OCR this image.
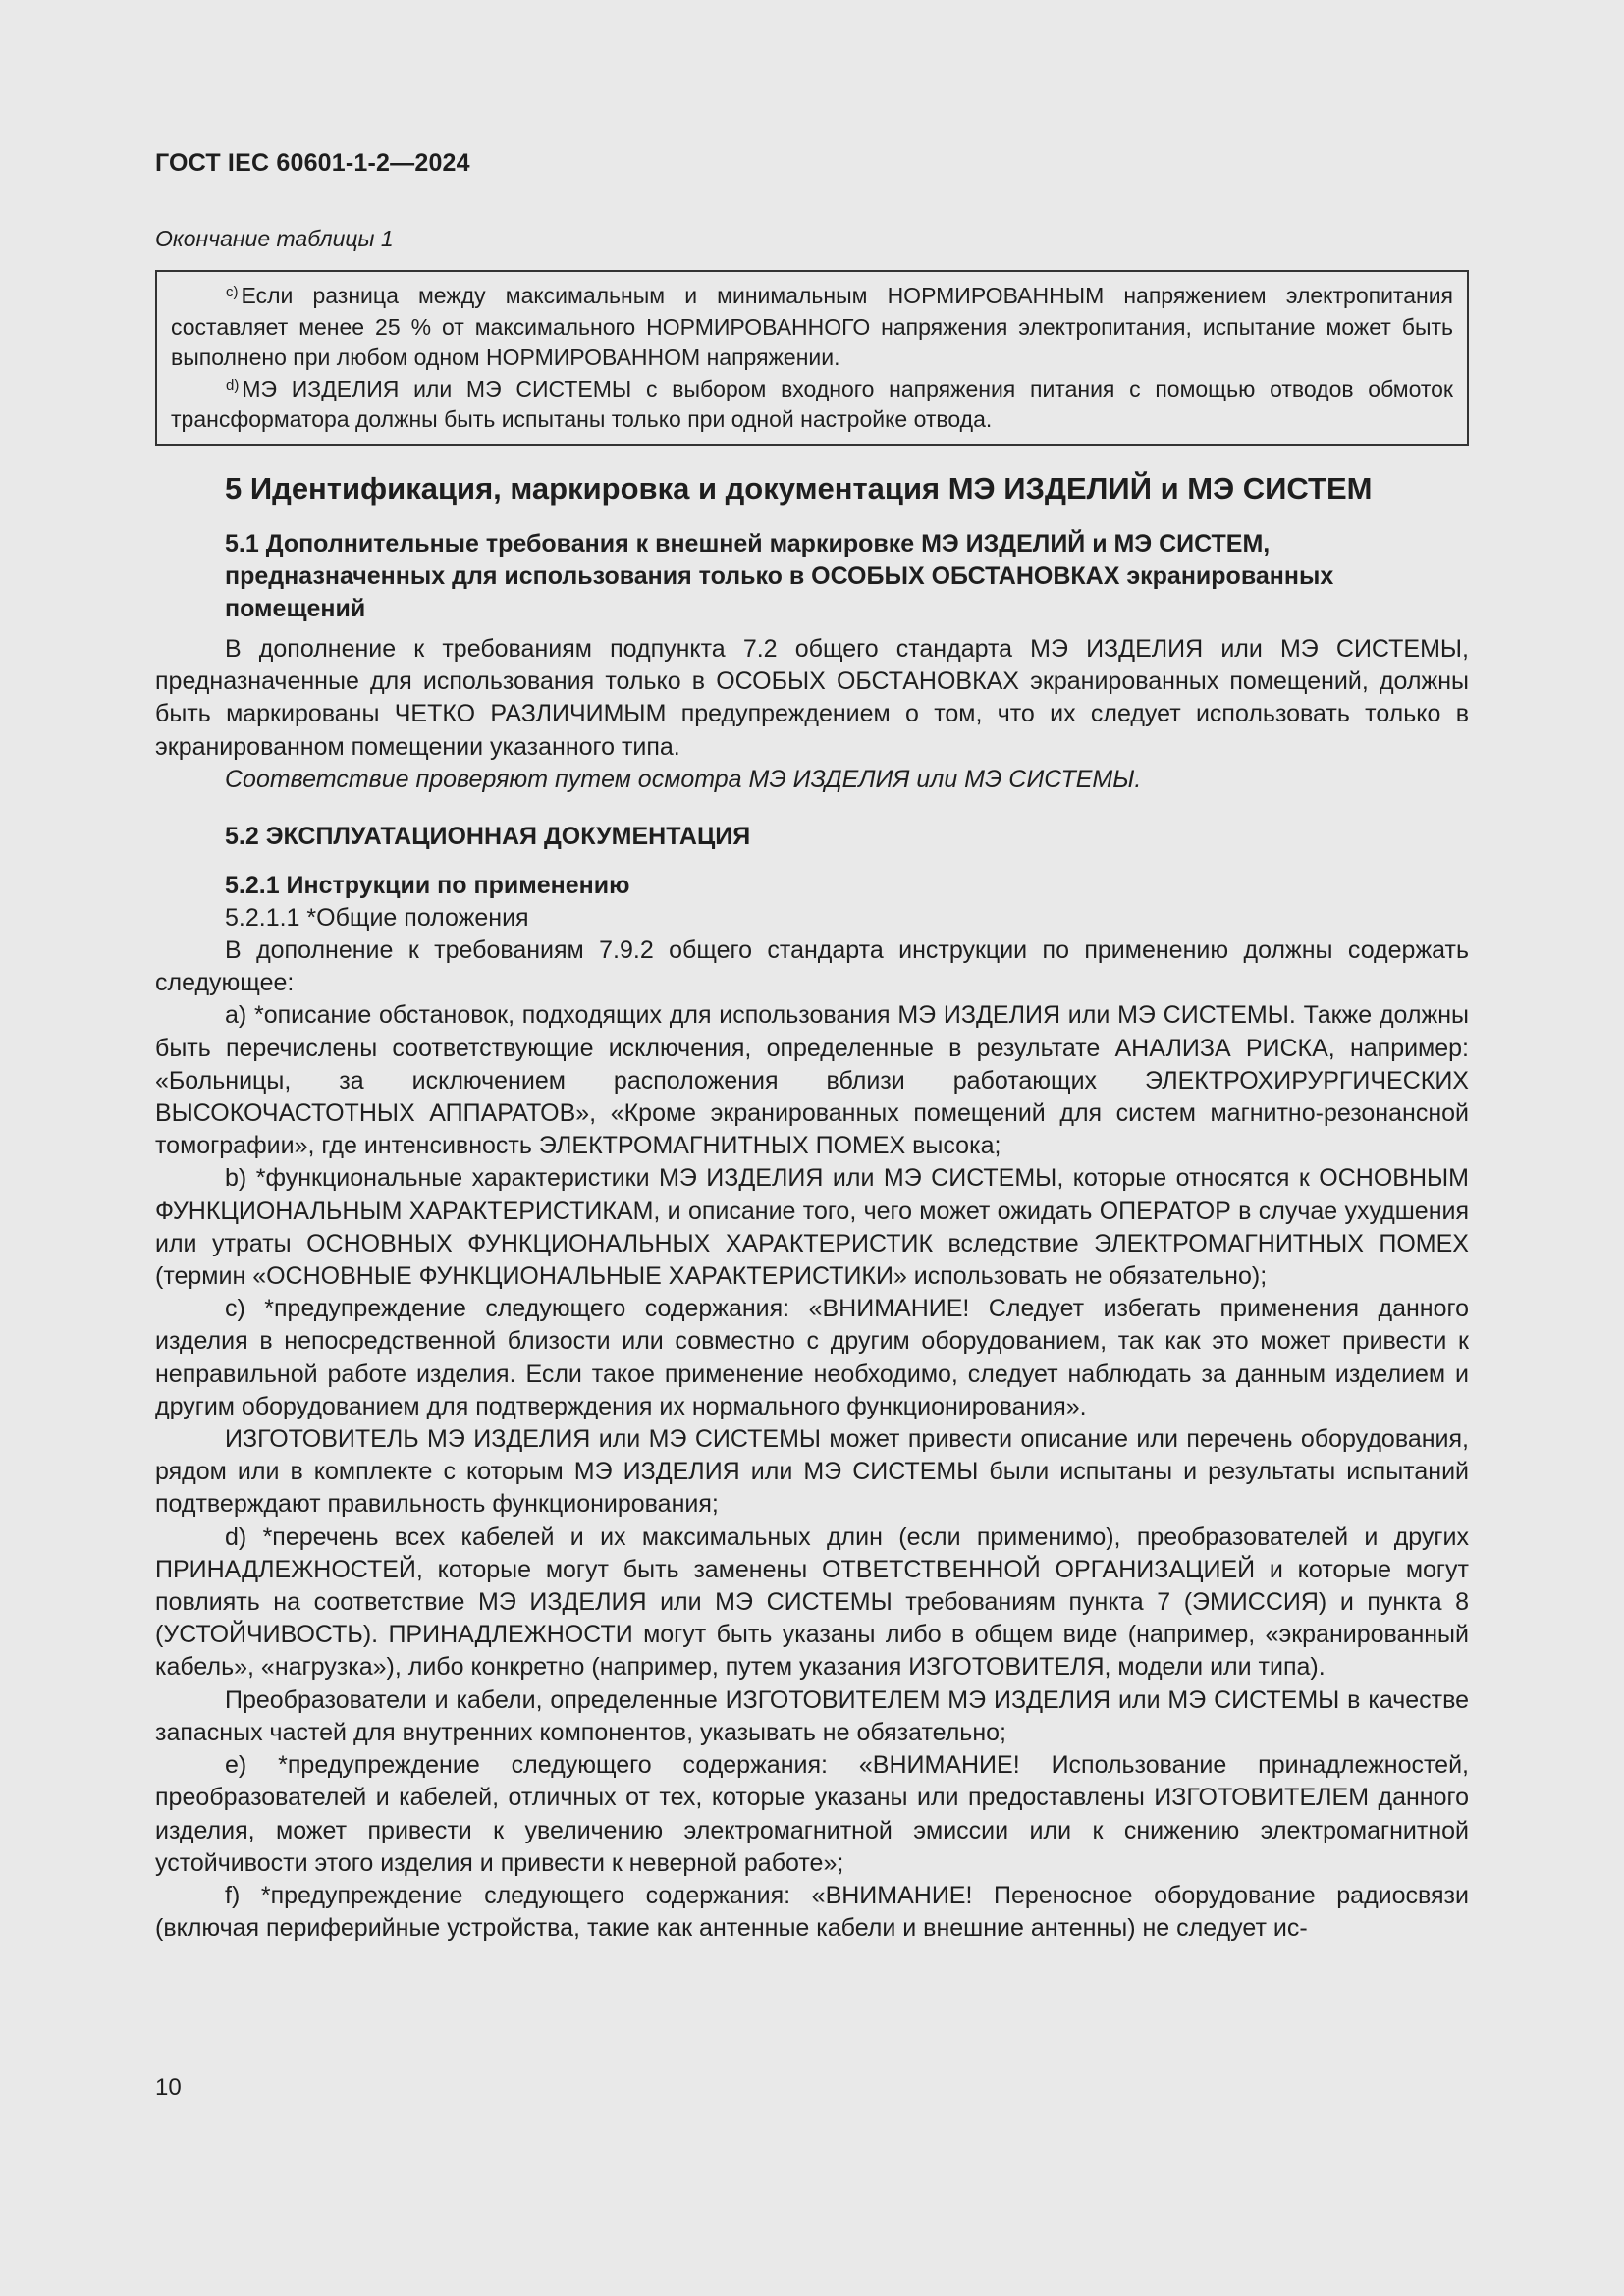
ГОСТ IEC 60601-1-2—2024
Окончание таблицы 1

$^{c)}$ Если разница между максимальным и минимальным НОРМИРОВАННЫМ напряжением электропитания составляет менее 25 % от максимального НОРМИРОВАННОГО напряжения электропитания, испытание может быть выполнено при любом одном НОРМИРОВАННОМ напряжении.

$^{d)}$ МЭ ИЗДЕЛИЯ или МЭ СИСТЕМЫ с выбором входного напряжения питания с помощью отводов обмоток трансформатора должны быть испытаны только при одной настройке отвода.

5 Идентификация, маркировка и документация МЭ ИЗДЕЛИЙ и МЭ СИСТЕМ
5.1 Дополнительные требования к внешней маркировке МЭ ИЗДЕЛИЙ и МЭ СИСТЕМ, предназначенных для использования только в ОСОБЫХ ОБСТАНОВКАХ экранированных помещений

В дополнение к требованиям подпункта 7.2 общего стандарта МЭ ИЗДЕЛИЯ или МЭ СИСТЕМЫ, предназначенные для использования только в ОСОБЫХ ОБСТАНОВКАХ экранированных помещений, должны быть маркированы ЧЕТКО РАЗЛИЧИМЫМ предупреждением о том, что их следует использовать только в экранированном помещении указанного типа.

Соответствие проверяют путем осмотра МЭ ИЗДЕЛИЯ или МЭ СИСТЕМЫ.

5.2 ЭКСПЛУАТАЦИОННАЯ ДОКУМЕНТАЦИЯ
5.2.1 Инструкции по применению
5.2.1.1 *Общие положения

В дополнение к требованиям 7.9.2 общего стандарта инструкции по применению должны содержать следующее:

a) *описание обстановок, подходящих для использования МЭ ИЗДЕЛИЯ или МЭ СИСТЕМЫ. Также должны быть перечислены соответствующие исключения, определенные в результате АНАЛИЗА РИСКА, например: «Больницы, за исключением расположения вблизи работающих ЭЛЕКТРОХИРУРГИЧЕСКИХ ВЫСОКОЧАСТОТНЫХ АППАРАТОВ», «Кроме экранированных помещений для систем магнитно-резонансной томографии», где интенсивность ЭЛЕКТРОМАГНИТНЫХ ПОМЕХ высока;

b) *функциональные характеристики МЭ ИЗДЕЛИЯ или МЭ СИСТЕМЫ, которые относятся к ОСНОВНЫМ ФУНКЦИОНАЛЬНЫМ ХАРАКТЕРИСТИКАМ, и описание того, чего может ожидать ОПЕРАТОР в случае ухудшения или утраты ОСНОВНЫХ ФУНКЦИОНАЛЬНЫХ ХАРАКТЕРИСТИК вследствие ЭЛЕКТРОМАГНИТНЫХ ПОМЕХ (термин «ОСНОВНЫЕ ФУНКЦИОНАЛЬНЫЕ ХАРАКТЕРИСТИКИ» использовать не обязательно);

c) *предупреждение следующего содержания: «ВНИМАНИЕ! Следует избегать применения данного изделия в непосредственной близости или совместно с другим оборудованием, так как это может привести к неправильной работе изделия. Если такое применение необходимо, следует наблюдать за данным изделием и другим оборудованием для подтверждения их нормального функционирования».

ИЗГОТОВИТЕЛЬ МЭ ИЗДЕЛИЯ или МЭ СИСТЕМЫ может привести описание или перечень оборудования, рядом или в комплекте с которым МЭ ИЗДЕЛИЯ или МЭ СИСТЕМЫ были испытаны и результаты испытаний подтверждают правильность функционирования;

d) *перечень всех кабелей и их максимальных длин (если применимо), преобразователей и других ПРИНАДЛЕЖНОСТЕЙ, которые могут быть заменены ОТВЕТСТВЕННОЙ ОРГАНИЗАЦИЕЙ и которые могут повлиять на соответствие МЭ ИЗДЕЛИЯ или МЭ СИСТЕМЫ требованиям пункта 7 (ЭМИССИЯ) и пункта 8 (УСТОЙЧИВОСТЬ). ПРИНАДЛЕЖНОСТИ могут быть указаны либо в общем виде (например, «экранированный кабель», «нагрузка»), либо конкретно (например, путем указания ИЗГОТОВИТЕЛЯ, модели или типа).

Преобразователи и кабели, определенные ИЗГОТОВИТЕЛЕМ МЭ ИЗДЕЛИЯ или МЭ СИСТЕМЫ в качестве запасных частей для внутренних компонентов, указывать не обязательно;

e) *предупреждение следующего содержания: «ВНИМАНИЕ! Использование принадлежностей, преобразователей и кабелей, отличных от тех, которые указаны или предоставлены ИЗГОТОВИТЕЛЕМ данного изделия, может привести к увеличению электромагнитной эмиссии или к снижению электромагнитной устойчивости этого изделия и привести к неверной работе»;

f) *предупреждение следующего содержания: «ВНИМАНИЕ! Переносное оборудование радиосвязи (включая периферийные устройства, такие как антенные кабели и внешние антенны) не следует ис-

10
